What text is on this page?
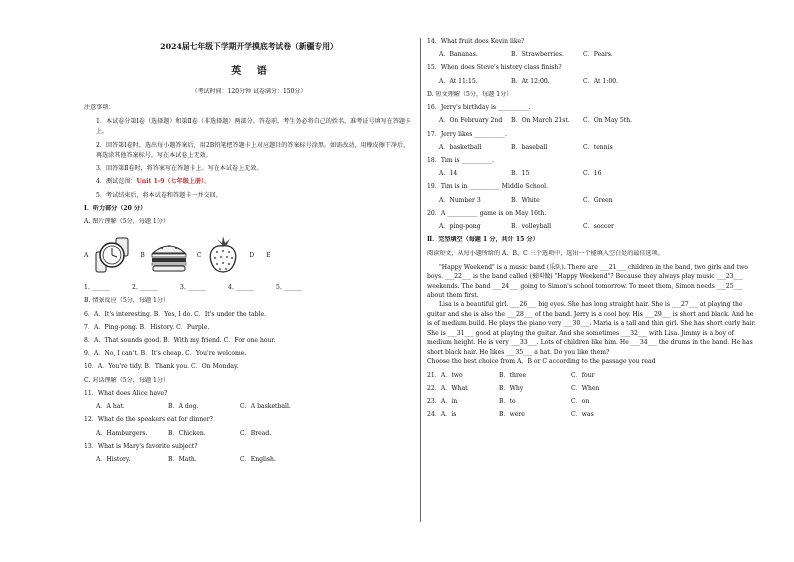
2024届七年级下学期开学摸底考试卷（新疆专用）
英 语
（考试时间：120分钟 试卷满分：150分）
注意事项：
1．本试卷分第Ⅰ卷（选择题）和第Ⅱ卷（非选择题）两部分。答卷前，考生务必将自己的姓名、准考证号填写在答题卡上。
2．回答第Ⅰ卷时，选出每小题答案后，用2B铅笔把答题卡上对应题目的答案标号涂黑。如需改动，用橡皮擦干净后，再选涂其他答案标号。写在本试卷上无效。
3．回答第Ⅱ卷时，将答案写在答题卡上。写在本试卷上无效。
4．测试范围：Unit 1-9（七年级上册）。
5．考试结束后，将本试卷和答题卡一并交回。
Ⅰ．听力部分（20 分）
A. 图片理解（5分，每题 1分）
A	B	C	D E
1. ______	2. ______	3. ______	4. ______	5. ______
B. 情景反应（5分，每题 1分）
6．A．It's interesting. B．Yes, I do. C．It's under the table.
7．A．Ping-pong. B．History. C．Purple.
8．A．That sounds good. B．With my friend. C．For one hour.
9．A．No, I can't. B．It's cheap. C．You're welcome.
10．A．You're tidy. B．Thank you. C．On Monday.
C. 对话理解（5分，每题 1分）
11．What does Alice have?
A．A hat.	B．A dog.	C．A basketball.
12．What do the speakers eat for dinner?
A．Hamburgers.	B．Chicken.	C．Bread.
13．What is Mary's favorite subject?
A．History.	B．Math.	C．English.
14．What fruit does Kevin like?
A．Bananas.	B．Strawberries.	C．Pears.
15．When does Steve's history class finish?
A．At 11:15.	B．At 12:00.	C．At 1:00.
D. 短文理解（5分，每题 1分）
16．Jerry's birthday is __________.
A．On February 2nd	B．On March 21st.	C．On May 5th.
17．Jerry likes __________.
A．basketball	B．baseball	C．tennis
18．Tim is __________.
A．14	B．15	C．16
19．Tim is in __________ Middle School.
A．Number 3	B．White	C．Green
20．A __________ game is on May 16th.
A．ping-pong	B．volleyball	C．soccer
Ⅱ．完型填空（每题 1 分，共计 15 分）
阅读短文，从每小题所给的 A、B、C 三个选项中，选出一个能填入空白处的最佳选项。
"Happy Weekend" is a music band (乐队). There are ___21___ children in the band, two girls and two boys. ___22___ is the band called (被叫做) "Happy Weekend"? Because they always play music ___23___ weekends. The band ___24___ going to Simon's school tomorrow. To meet them, Simon needs ___25___ about them first.
Lisa is a beautiful girl. ___26___ big eyes. She has long straight hair. She is ___27___ at playing the guitar and she is also the ___28___ of the band. Jerry is a cool boy. His ___29___ is short and black. And he is of medium build. He plays the piano very ___30___. Maria is a tall and thin girl. She has short curly hair. She is ___31___ good at playing the guitar. And she sometimes ___32___ with Lisa. Jimmy is a boy of medium height. He is very ___33___. Lots of children like him. He ___34___ the drums in the band. He has short black hair. He likes ___35___ a hat. Do you like them?
Choose the best choice from A、B or C according to the passage you read
21．A．two	B．three	C．four
22．A．What	B．Why	C．When
23．A．in	B．to	C．on
24．A．is	B．were	C．was
